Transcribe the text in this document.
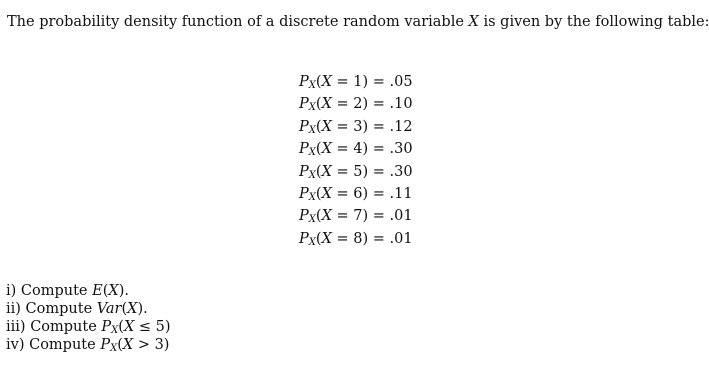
The probability density function of a discrete random variable X is given by the following table:
$P_X(X = 1) = .05$
$P_X(X = 2) = .10$
$P_X(X = 3) = .12$
$P_X(X = 4) = .30$
$P_X(X = 5) = .30$
$P_X(X = 6) = .11$
$P_X(X = 7) = .01$
$P_X(X = 8) = .01$
i) Compute E(X).
ii) Compute Var(X).
iii) Compute $P_X(X \le 5)$
iv) Compute $P_X(X > 3)$
